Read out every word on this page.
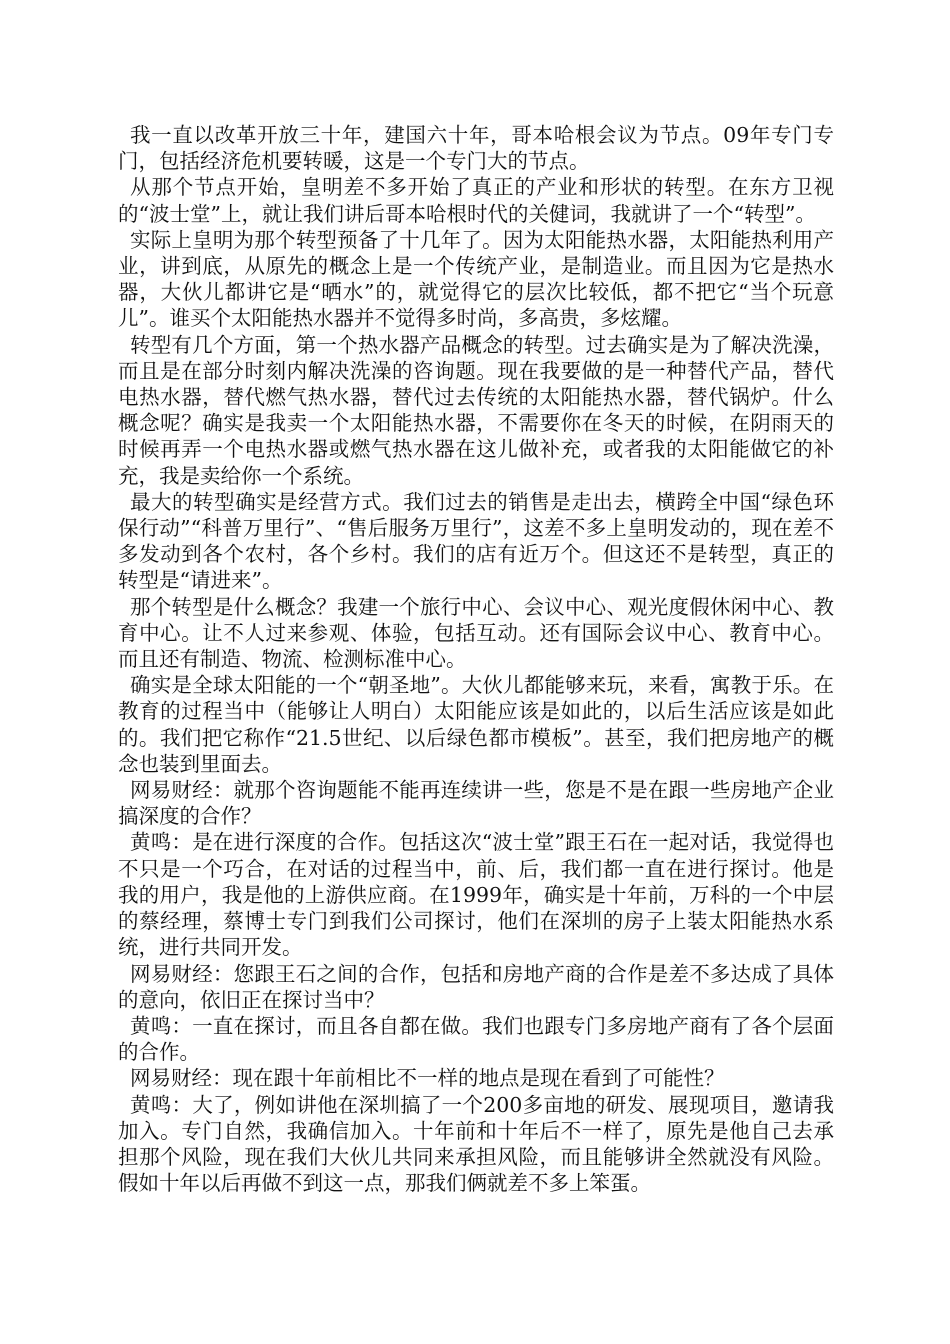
我一直以改革开放三十年，建国六十年，哥本哈根会议为节点。09年专门专门，包括经济危机要转暖，这是一个专门大的节点。

从那个节点开始，皇明差不多开始了真正的产业和形状的转型。在东方卫视的“波士堂”上，就让我们讲后哥本哈根时代的关健词，我就讲了一个“转型”。

实际上皇明为那个转型预备了十几年了。因为太阳能热水器，太阳能热利用产业，讲到底，从原先的概念上是一个传统产业，是制造业。而且因为它是热水器，大伙儿都讲它是“晒水”的，就觉得它的层次比较低，都不把它“当个玩意儿”。谁买个太阳能热水器并不觉得多时尚，多高贵，多炫耀。

转型有几个方面，第一个热水器产品概念的转型。过去确实是为了解决洗澡，而且是在部分时刻内解决洗澡的咨询题。现在我要做的是一种替代产品，替代电热水器，替代燃气热水器，替代过去传统的太阳能热水器，替代锅炉。什么概念呢？确实是我卖一个太阳能热水器，不需要你在冬天的时候，在阴雨天的时候再弄一个电热水器或燃气热水器在这儿做补充，或者我的太阳能做它的补充，我是卖给你一个系统。

最大的转型确实是经营方式。我们过去的销售是走出去，横跨全中国“绿色环保行动”“科普万里行”、“售后服务万里行”，这差不多上皇明发动的，现在差不多发动到各个农村，各个乡村。我们的店有近万个。但这还不是转型，真正的转型是“请进来”。

那个转型是什么概念？我建一个旅行中心、会议中心、观光度假休闲中心、教育中心。让不人过来参观、体验，包括互动。还有国际会议中心、教育中心。而且还有制造、物流、检测标准中心。

确实是全球太阳能的一个“朝圣地”。大伙儿都能够来玩，来看，寓教于乐。在教育的过程当中（能够让人明白）太阳能应该是如此的，以后生活应该是如此的。我们把它称作“21.5世纪、以后绿色都市模板”。甚至，我们把房地产的概念也装到里面去。

网易财经：就那个咨询题能不能再连续讲一些，您是不是在跟一些房地产企业搞深度的合作？

黄鸣：是在进行深度的合作。包括这次“波士堂”跟王石在一起对话，我觉得也不只是一个巧合，在对话的过程当中，前、后，我们都一直在进行探讨。他是我的用户，我是他的上游供应商。在1999年，确实是十年前，万科的一个中层的蔡经理，蔡博士专门到我们公司探讨，他们在深圳的房子上装太阳能热水系统，进行共同开发。

网易财经：您跟王石之间的合作，包括和房地产商的合作是差不多达成了具体的意向，依旧正在探讨当中？

黄鸣：一直在探讨，而且各自都在做。我们也跟专门多房地产商有了各个层面的合作。

网易财经：现在跟十年前相比不一样的地点是现在看到了可能性？

黄鸣：大了，例如讲他在深圳搞了一个200多亩地的研发、展现项目，邀请我加入。专门自然，我确信加入。十年前和十年后不一样了，原先是他自己去承担那个风险，现在我们大伙儿共同来承担风险，而且能够讲全然就没有风险。假如十年以后再做不到这一点，那我们俩就差不多上笨蛋。
